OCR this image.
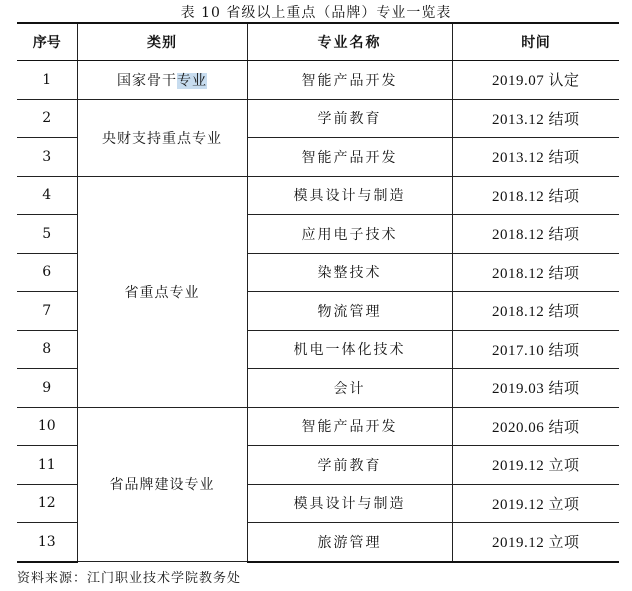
表 10 省级以上重点（品牌）专业一览表
序号	类别	专业名称	时间
1	国家骨干专业	智能产品开发	2019.07 认定
2	央财支持重点专业	学前教育	2013.12 结项
3		智能产品开发	2013.12 结项
4	省重点专业	模具设计与制造	2018.12 结项
5		应用电子技术	2018.12 结项
6		染整技术	2018.12 结项
7		物流管理	2018.12 结项
8		机电一体化技术	2017.10 结项
9		会计	2019.03 结项
10	省品牌建设专业	智能产品开发	2020.06 结项
11		学前教育	2019.12 立项
12		模具设计与制造	2019.12 立项
13		旅游管理	2019.12 立项
资料来源：江门职业技术学院教务处
